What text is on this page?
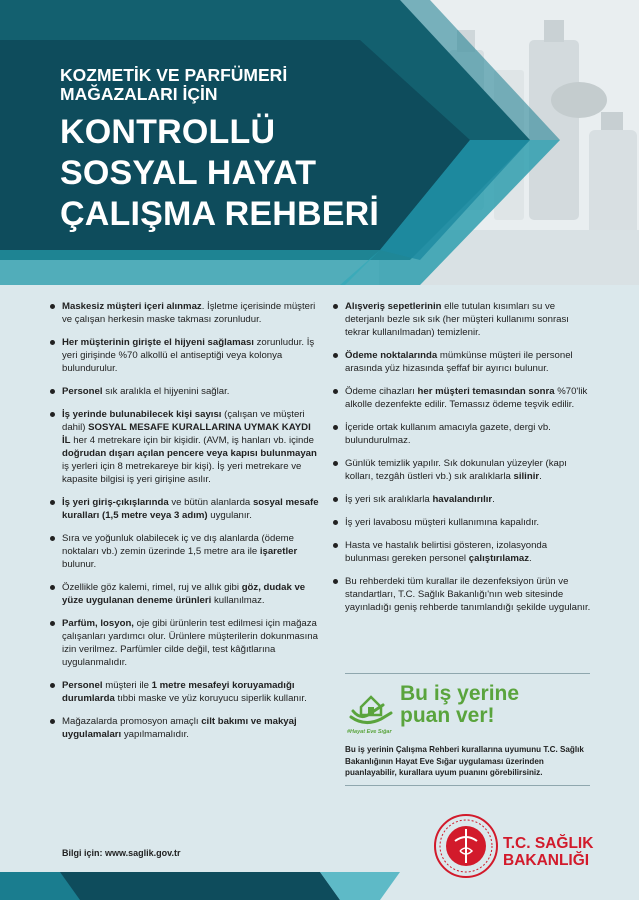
KOZMETİK VE PARFÜMERİ
MAĞAZALARI İÇİN
KONTROLLÜ
SOSYAL HAYAT
ÇALIŞMA REHBERİ
Maskesiz müşteri içeri alınmaz. İşletme içerisinde müşteri ve çalışan herkesin maske takması zorunludur.
Her müşterinin girişte el hijyeni sağlaması zorunludur. İş yeri girişinde %70 alkollü el antiseptiği veya kolonya bulundurulur.
Personel sık aralıkla el hijyenini sağlar.
İş yerinde bulunabilecek kişi sayısı (çalışan ve müşteri dahil) SOSYAL MESAFE KURALLARINA UYMAK KAYDI İL her 4 metrekare için bir kişidir. (AVM, iş hanları vb. içinde doğrudan dışarı açılan pencere veya kapısı bulunmayan iş yerleri için 8 metrekareye bir kişi). İş yeri metrekare ve kapasite bilgisi iş yeri girişine asılır.
İş yeri giriş-çıkışlarında ve bütün alanlarda sosyal mesafe kuralları (1,5 metre veya 3 adım) uygulanır.
Sıra ve yoğunluk olabilecek iç ve dış alanlarda (ödeme noktaları vb.) zemin üzerinde 1,5 metre ara ile işaretler bulunur.
Özellikle göz kalemi, rimel, ruj ve allık gibi göz, dudak ve yüze uygulanan deneme ürünleri kullanılmaz.
Parfüm, losyon, oje gibi ürünlerin test edilmesi için mağaza çalışanları yardımcı olur. Ürünlere müşterilerin dokunmasına izin verilmez. Parfümler cilde değil, test kâğıtlarına uygulanmalıdır.
Personel müşteri ile 1 metre mesafeyi koruyamadığı durumlarda tıbbi maske ve yüz koruyucu siperlik kullanır.
Mağazalarda promosyon amaçlı cilt bakımı ve makyaj uygulamaları yapılmamalıdır.
Alışveriş sepetlerinin elle tutulan kısımları su ve deterjanlı bezle sık sık (her müşteri kullanımı sonrası tekrar kullanılmadan) temizlenir.
Ödeme noktalarında mümkünse müşteri ile personel arasında yüz hizasında şeffaf bir ayırıcı bulunur.
Ödeme cihazları her müşteri temasından sonra %70'lik alkolle dezenfekte edilir. Temassız ödeme teşvik edilir.
İçeride ortak kullanım amacıyla gazete, dergi vb. bulundurulmaz.
Günlük temizlik yapılır. Sık dokunulan yüzeyler (kapı kolları, tezgâh üstleri vb.) sık aralıklarla silinir.
İş yeri sık aralıklarla havalandırılır.
İş yeri lavabosu müşteri kullanımına kapalıdır.
Hasta ve hastalık belirtisi gösteren, izolasyonda bulunması gereken personel çalıştırılamaz.
Bu rehberdeki tüm kurallar ile dezenfeksiyon ürün ve standartları, T.C. Sağlık Bakanlığı'nın web sitesinde yayınladığı geniş rehberde tanımlandığı şekilde uygulanır.
#Hayat Eve Sığar
Bu iş yerine
puan ver!
Bu iş yerinin Çalışma Rehberi kurallarına uyumunu T.C. Sağlık Bakanlığının Hayat Eve Sığar uygulaması üzerinden puanlayabilir, kurallara uyum puanını görebilirsiniz.
Bilgi için: www.saglik.gov.tr
T.C. SAĞLIK
BAKANLIĞI
